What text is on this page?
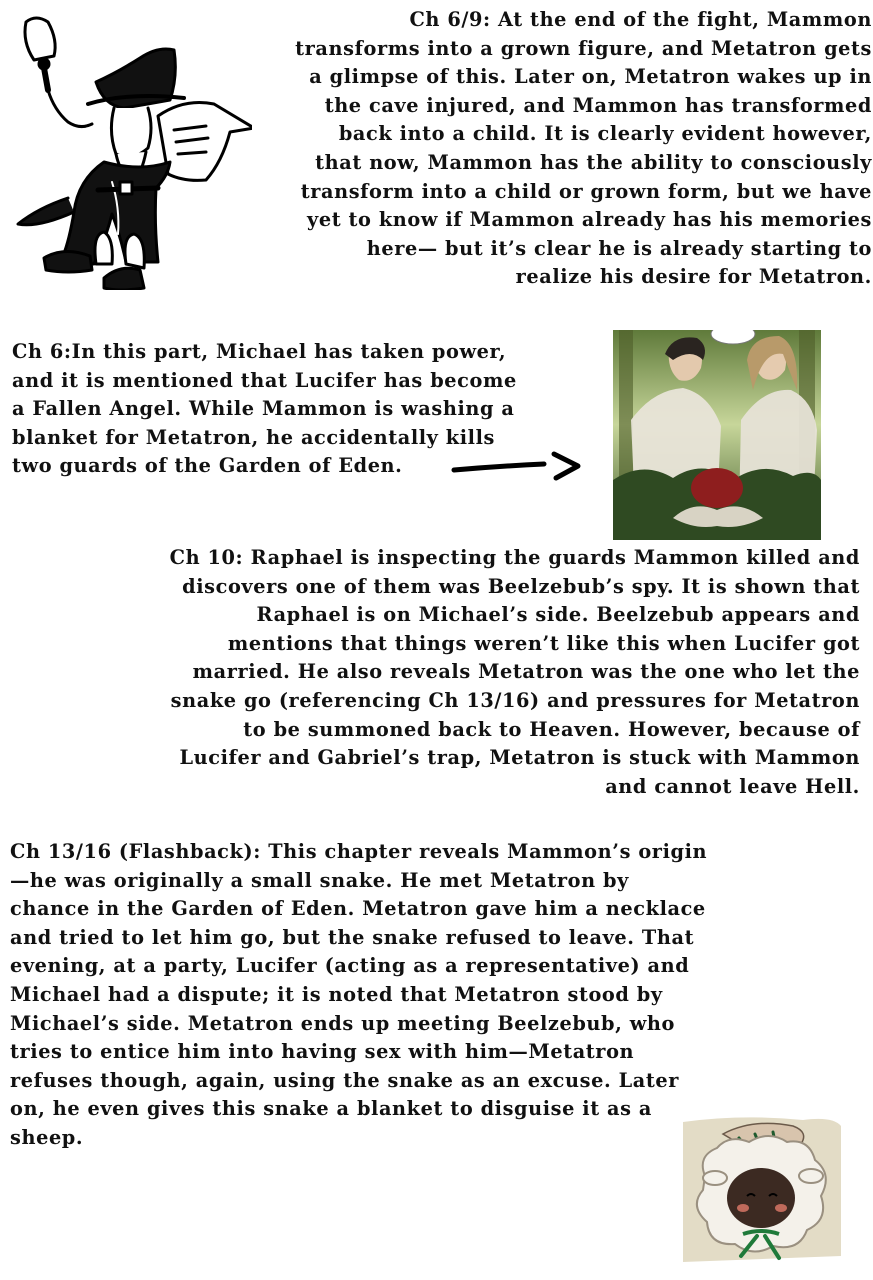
Ch 6/9: At the end of the fight, Mammon
transforms into a grown figure, and Metatron gets
a glimpse of this. Later on, Metatron wakes up in
the cave injured, and Mammon has transformed
back into a child. It is clearly evident however,
that now, Mammon has the ability to consciously
transform into a child or grown form, but we have
yet to know if Mammon already has his memories
here— but it’s clear he is already starting to
realize his desire for Metatron.
Ch 6:In this part, Michael has taken power,
and it is mentioned that Lucifer has become
a Fallen Angel. While Mammon is washing a
blanket for Metatron, he accidentally kills
two guards of the Garden of Eden.
Ch 10: Raphael is inspecting the guards Mammon killed and
discovers one of them was Beelzebub’s spy. It is shown that
Raphael is on Michael’s side. Beelzebub appears and
mentions that things weren’t like this when Lucifer got
married. He also reveals Metatron was the one who let the
snake go (referencing Ch 13/16) and pressures for Metatron
to be summoned back to Heaven. However, because of
Lucifer and Gabriel’s trap, Metatron is stuck with Mammon
and cannot leave Hell.
Ch 13/16 (Flashback): This chapter reveals Mammon’s origin
—he was originally a small snake. He met Metatron by
chance in the Garden of Eden. Metatron gave him a necklace
and tried to let him go, but the snake refused to leave. That
evening, at a party, Lucifer (acting as a representative) and
Michael had a dispute; it is noted that Metatron stood by
Michael’s side. Metatron ends up meeting Beelzebub, who
tries to entice him into having sex with him—Metatron
refuses though, again, using the snake as an excuse. Later
on, he even gives this snake a blanket to disguise it as a
sheep.
